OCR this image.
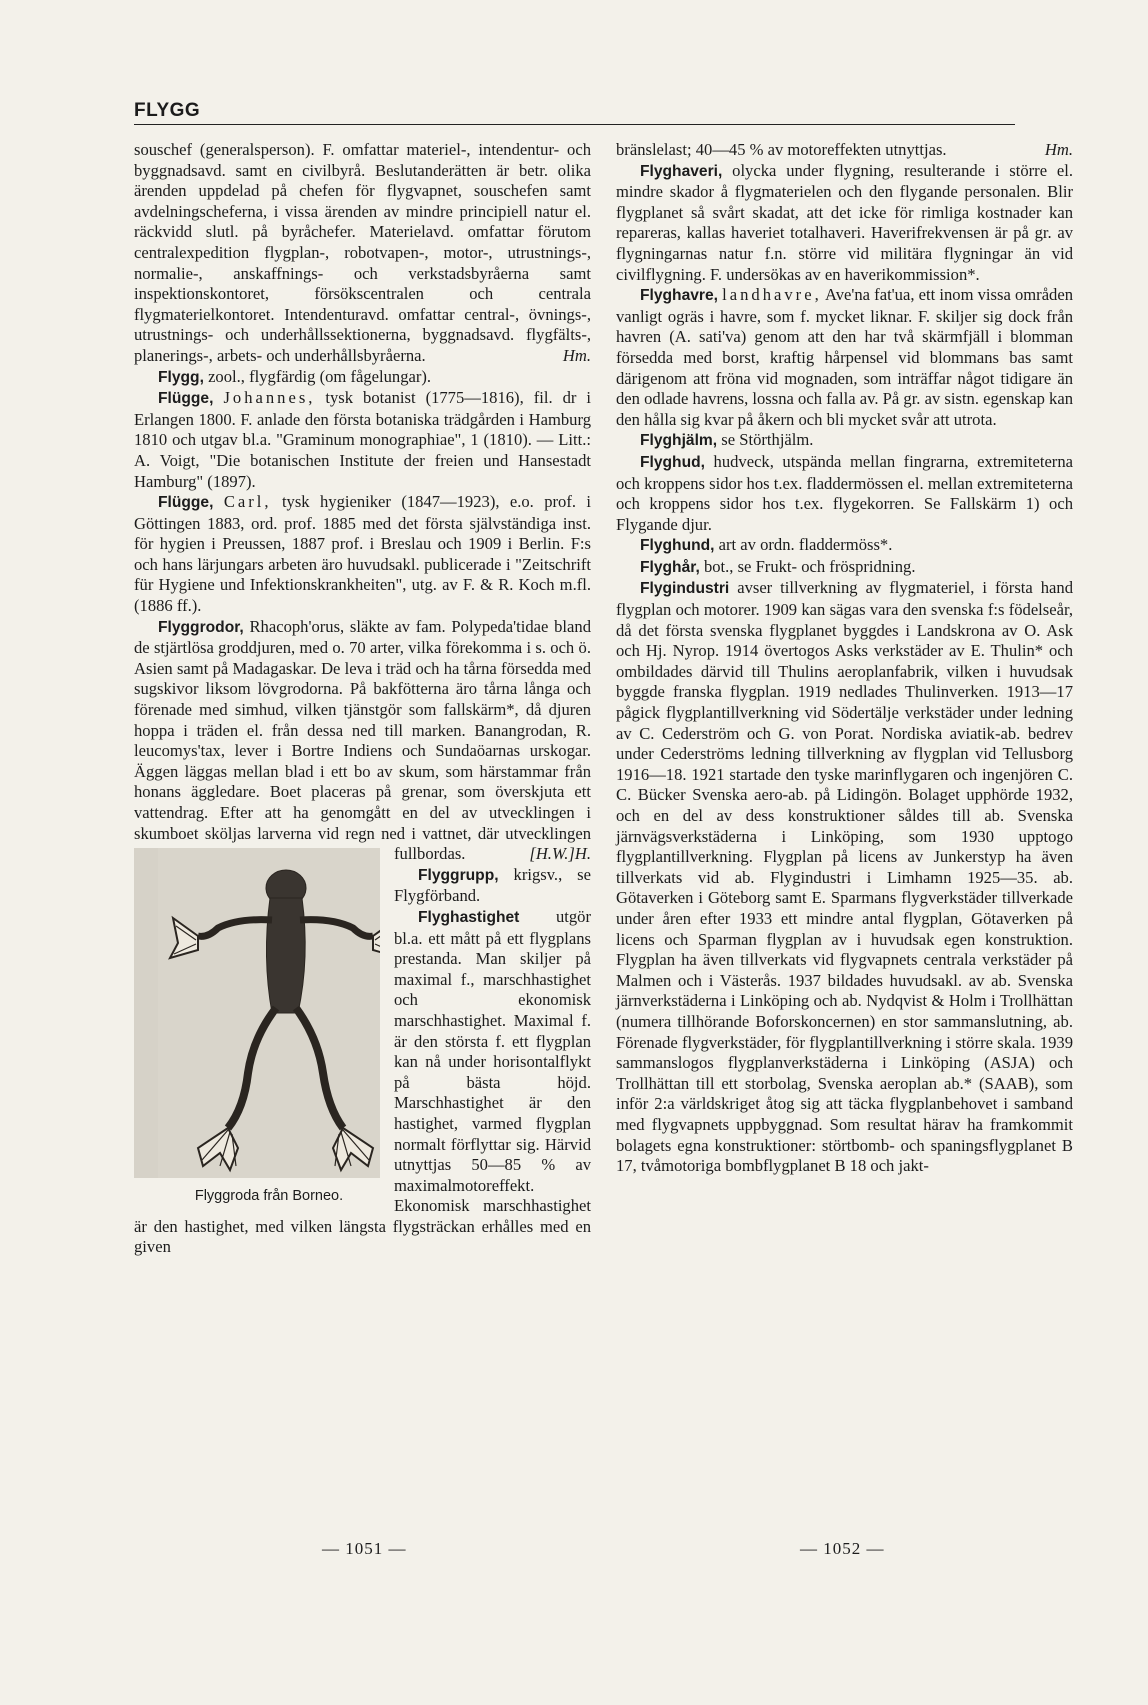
FLYGG

souschef (generalsperson). F. omfattar materiel-, intendentur- och byggnadsavd. samt en civilbyrå. Beslutanderätten är betr. olika ärenden uppdelad på chefen för flygvapnet, souschefen samt avdelningscheferna, i vissa ärenden av mindre principiell natur el. räckvidd slutl. på byråchefer. Materielavd. omfattar förutom centralexpedition flygplan-, robotvapen-, motor-, utrustnings-, normalie-, anskaffnings- och verkstadsbyråerna samt inspektionskontoret, försökscentralen och centrala flygmaterielkontoret. Intendenturavd. omfattar central-, övnings-, utrustnings- och underhållssektionerna, byggnadsavd. flygfälts-, planerings-, arbets- och underhållsbyråerna.	Hm.

Flygg, zool., flygfärdig (om fågelungar).

Flügge, Johannes, tysk botanist (1775—1816), fil. dr i Erlangen 1800. F. anlade den första botaniska trädgården i Hamburg 1810 och utgav bl.a. "Graminum monographiae", 1 (1810). — Litt.: A. Voigt, "Die botanischen Institute der freien und Hansestadt Hamburg" (1897).

Flügge, Carl, tysk hygieniker (1847—1923), e.o. prof. i Göttingen 1883, ord. prof. 1885 med det första självständiga inst. för hygien i Preussen, 1887 prof. i Breslau och 1909 i Berlin. F:s och hans lärjungars arbeten äro huvudsakl. publicerade i "Zeitschrift für Hygiene und Infektionskrankheiten", utg. av F. & R. Koch m.fl. (1886 ff.).

Flyggrodor, Rhacoph'orus, släkte av fam. Polypeda'tidae bland de stjärtlösa groddjuren, med o. 70 arter, vilka förekomma i s. och ö. Asien samt på Madagaskar. De leva i träd och ha tårna försedda med sugskivor liksom lövgrodorna. På bakfötterna äro tårna långa och förenade med simhud, vilken tjänstgör som fallskärm*, då djuren hoppa i träden el. från dessa ned till marken. Banangrodan, R. leucomys'tax, lever i Bortre Indiens och Sundaöarnas urskogar. Äggen läggas mellan blad i ett bo av skum, som härstammar från honans äggledare. Boet placeras på grenar, som överskjuta ett vattendrag. Efter att ha genomgått en del av utvecklingen i skumboet sköljas larverna vid regn ned i vattnet, där utvecklingen fullbordas.
Flyggroda från Borneo.
[H.W.]H.

Flyggrupp, krigsv., se Flygförband.

Flyghastighet utgör bl.a. ett mått på ett flygplans prestanda. Man skiljer på maximal f., marschhastighet och ekonomisk marschhastighet. Maximal f. är den största f. ett flygplan kan nå under horisontalflykt på bästa höjd. Marschhastighet är den hastighet, varmed flygplan normalt förflyttar sig. Härvid utnyttjas 50—85 % av maximalmotoreffekt. Ekonomisk marschhastighet är den hastighet, med vilken längsta flygsträckan erhålles med en given

bränslelast; 40—45 % av motoreffekten utnyttjas.	Hm.

Flyghaveri, olycka under flygning, resulterande i större el. mindre skador å flygmaterielen och den flygande personalen. Blir flygplanet så svårt skadat, att det icke för rimliga kostnader kan repareras, kallas haveriet totalhaveri. Haverifrekvensen är på gr. av flygningarnas natur f.n. större vid militära flygningar än vid civilflygning. F. undersökas av en haverikommission*.

Flyghavre, landhavre, Ave'na fat'ua, ett inom vissa områden vanligt ogräs i havre, som f. mycket liknar. F. skiljer sig dock från havren (A. sati'va) genom att den har två skärmfjäll i blomman försedda med borst, kraftig hårpensel vid blommans bas samt därigenom att fröna vid mognaden, som inträffar något tidigare än den odlade havrens, lossna och falla av. På gr. av sistn. egenskap kan den hålla sig kvar på åkern och bli mycket svår att utrota.

Flyghjälm, se Störthjälm.

Flyghud, hudveck, utspända mellan fingrarna, extremiteterna och kroppens sidor hos t.ex. fladdermössen el. mellan extremiteterna och kroppens sidor hos t.ex. flygekorren. Se Fallskärm 1) och Flygande djur.

Flyghund, art av ordn. fladdermöss*.

Flyghår, bot., se Frukt- och fröspridning.

Flygindustri avser tillverkning av flygmateriel, i första hand flygplan och motorer. 1909 kan sägas vara den svenska f:s födelseår, då det första svenska flygplanet byggdes i Landskrona av O. Ask och Hj. Nyrop. 1914 övertogos Asks verkstäder av E. Thulin* och ombildades därvid till Thulins aeroplanfabrik, vilken i huvudsak byggde franska flygplan. 1919 nedlades Thulinverken. 1913—17 pågick flygplantillverkning vid Södertälje verkstäder under ledning av C. Cederström och G. von Porat. Nordiska aviatik-ab. bedrev under Cederströms ledning tillverkning av flygplan vid Tellusborg 1916—18. 1921 startade den tyske marinflygaren och ingenjören C. C. Bücker Svenska aero-ab. på Lidingön. Bolaget upphörde 1932, och en del av dess konstruktioner såldes till ab. Svenska järnvägsverkstäderna i Linköping, som 1930 upptogo flygplantillverkning. Flygplan på licens av Junkerstyp ha även tillverkats vid ab. Flygindustri i Limhamn 1925—35. ab. Götaverken i Göteborg samt E. Sparmans flygverkstäder tillverkade under åren efter 1933 ett mindre antal flygplan, Götaverken på licens och Sparman flygplan av i huvudsak egen konstruktion. Flygplan ha även tillverkats vid flygvapnets centrala verkstäder på Malmen och i Västerås. 1937 bildades huvudsakl. av ab. Svenska järnverkstäderna i Linköping och ab. Nydqvist & Holm i Trollhättan (numera tillhörande Boforskoncernen) en stor sammanslutning, ab. Förenade flygverkstäder, för flygplantillverkning i större skala. 1939 sammanslogos flygplanverkstäderna i Linköping (ASJA) och Trollhättan till ett storbolag, Svenska aeroplan ab.* (SAAB), som inför 2:a världskriget åtog sig att täcka flygplanbehovet i samband med flygvapnets uppbyggnad. Som resultat härav ha framkommit bolagets egna konstruktioner: störtbomb- och spaningsflygplanet B 17, tvåmotoriga bombflygplanet B 18 och jakt-

— 1051 —	— 1052 —
